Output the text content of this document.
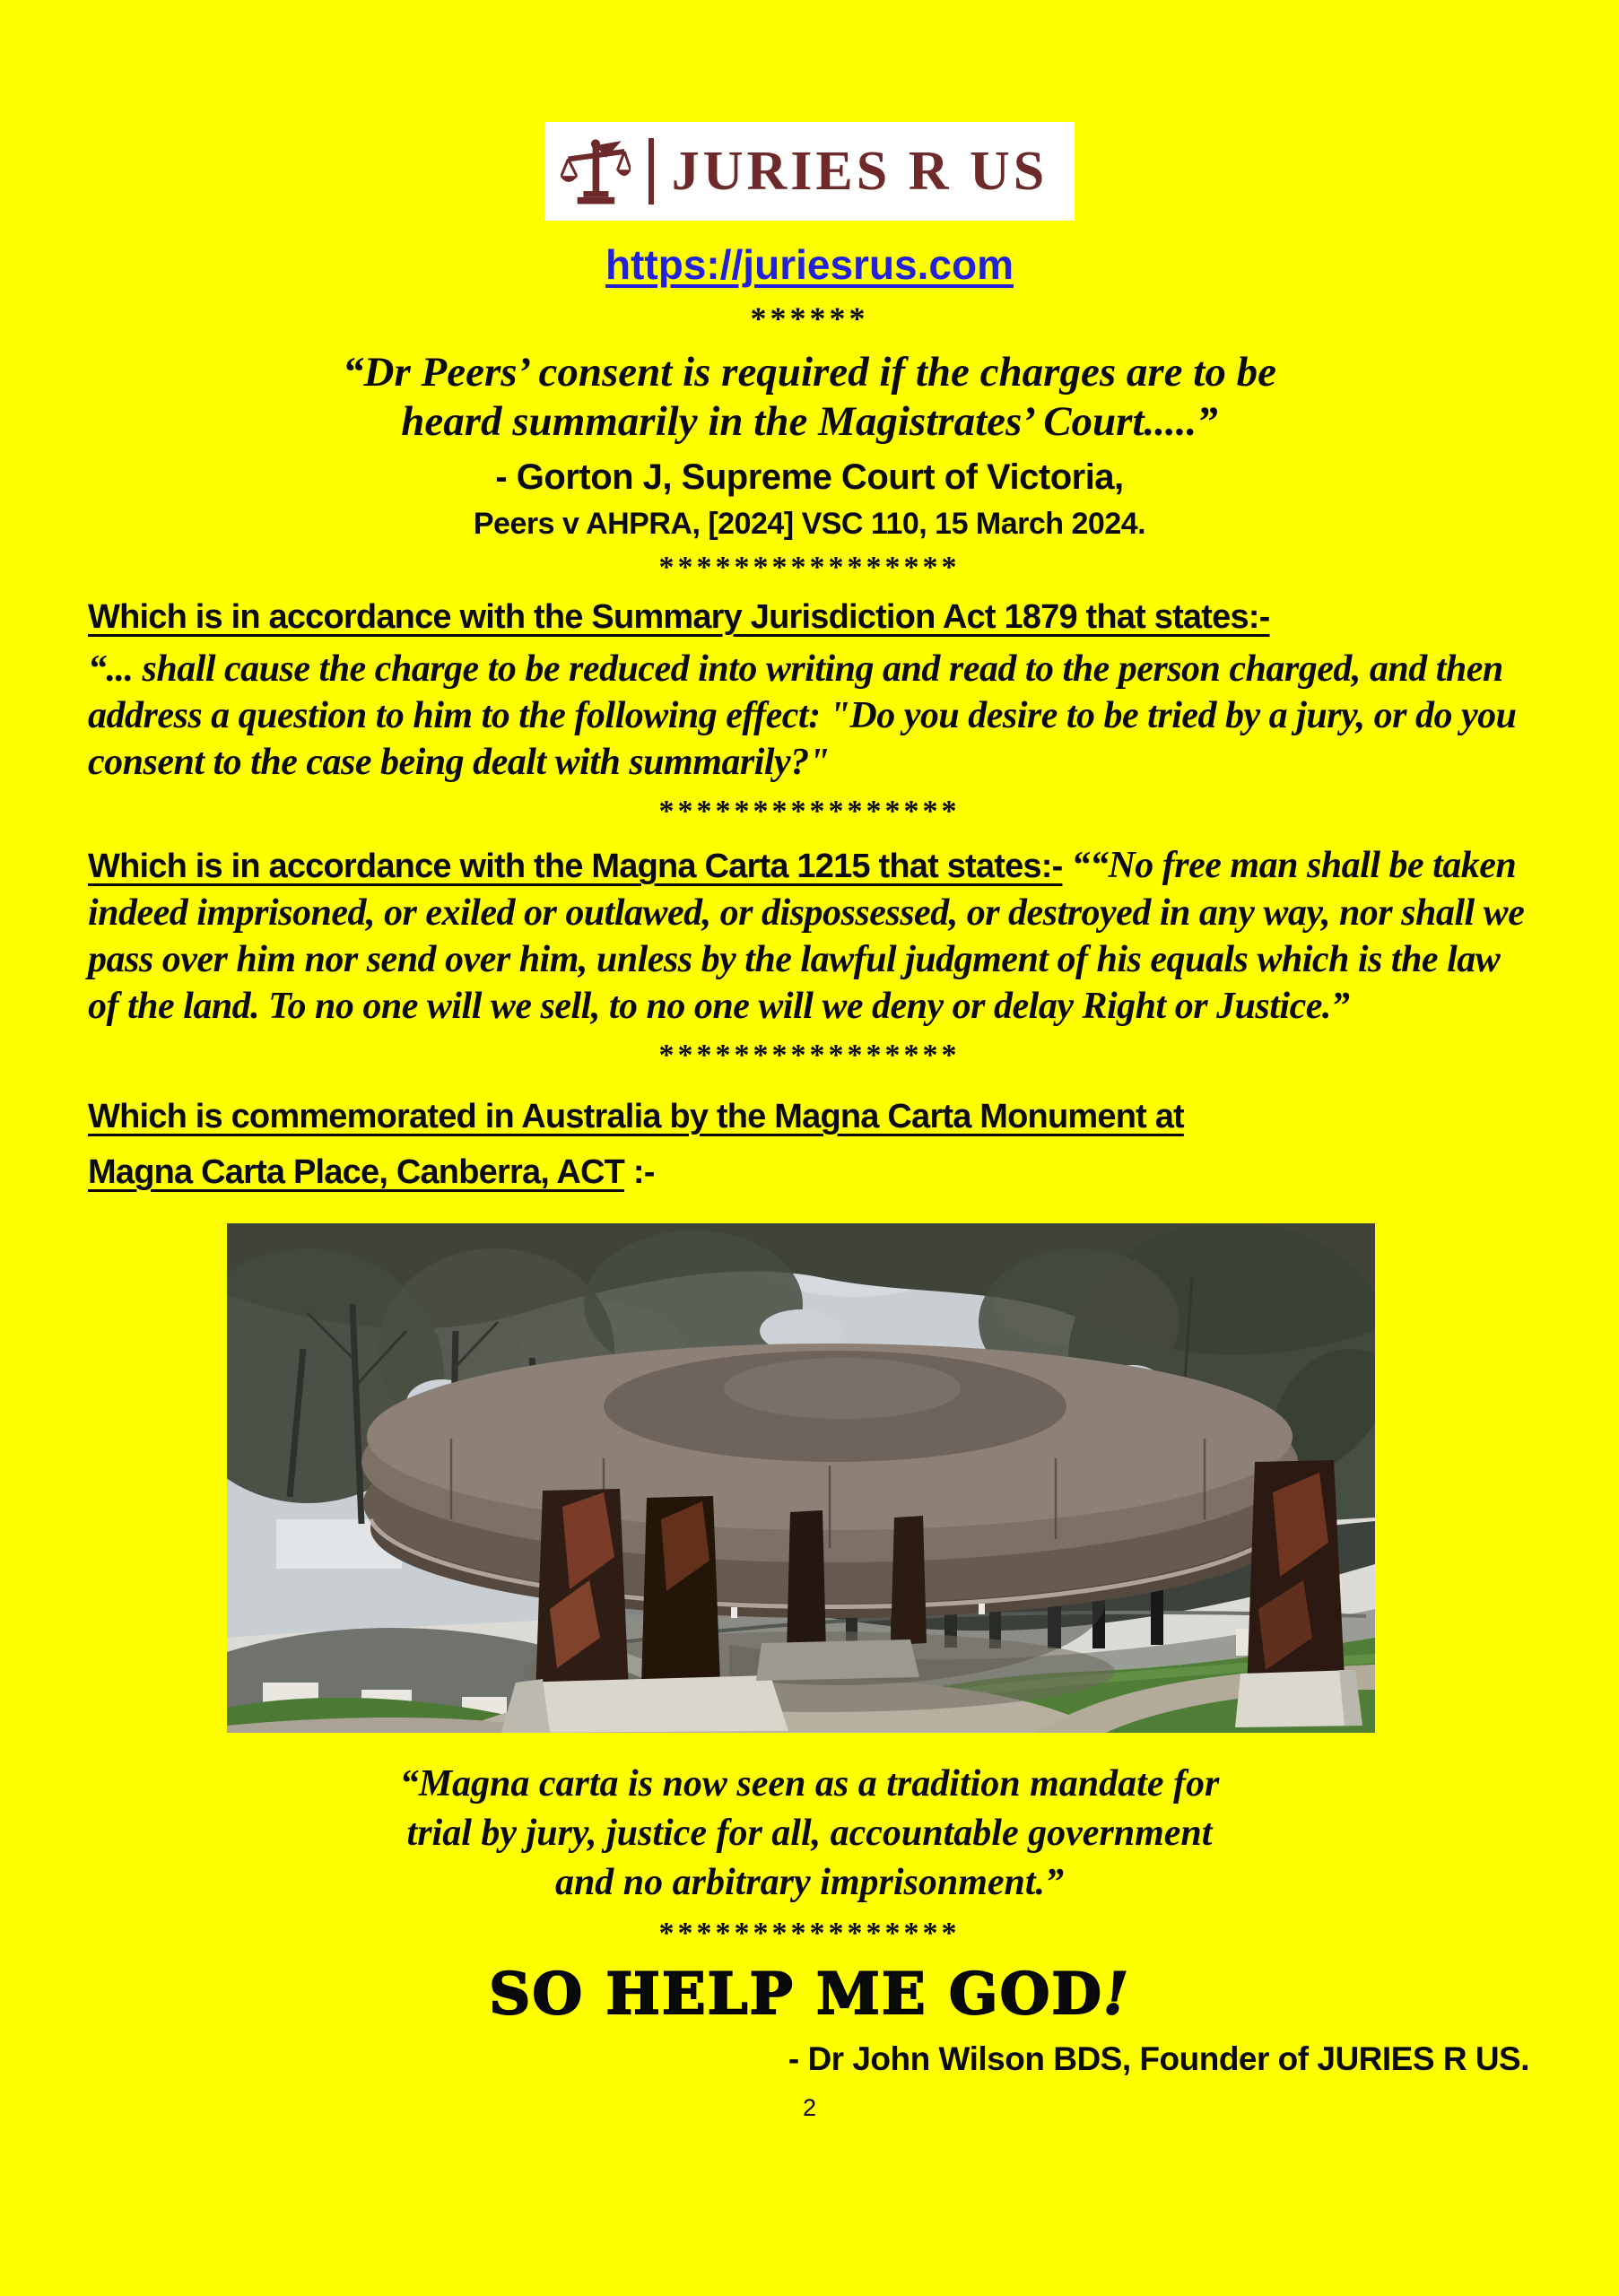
JURIES R US
https://juriesrus.com
******
“Dr Peers’ consent is required if the charges are to be
heard summarily in the Magistrates’ Court.....”
- Gorton J, Supreme Court of Victoria,
Peers v AHPRA, [2024] VSC 110, 15 March 2024.
****************
Which is in accordance with the Summary Jurisdiction Act 1879 that states:-
“... shall cause the charge to be reduced into writing and read to the person charged, and then address a question to him to the following effect: "Do you desire to be tried by a jury, or do you consent to the case being dealt with summarily?"
****************
Which is in accordance with the Magna Carta 1215 that states:- ““No free man shall be taken indeed imprisoned, or exiled or outlawed, or dispossessed, or destroyed in any way, nor shall we pass over him nor send over him, unless by the lawful judgment of his equals which is the law of the land. To no one will we sell, to no one will we deny or delay Right or Justice.”
****************
Which is commemorated in Australia by the Magna Carta Monument at
Magna Carta Place, Canberra, ACT :-
“Magna carta is now seen as a tradition mandate for
trial by jury, justice for all, accountable government
and no arbitrary imprisonment.”
****************
SO HELP ME GOD!
- Dr John Wilson BDS, Founder of JURIES R US.
2
